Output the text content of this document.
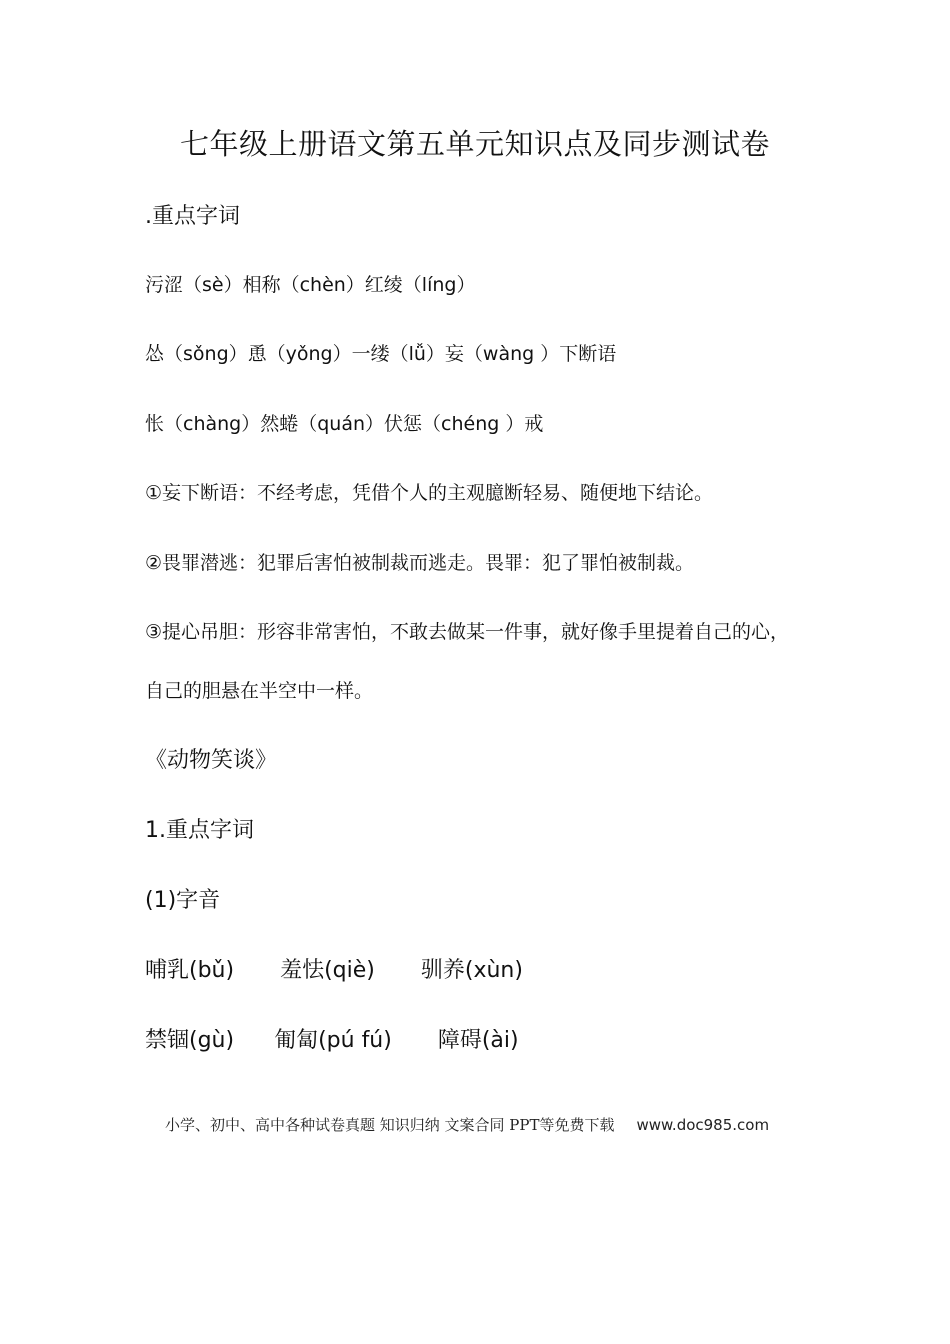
七年级上册语文第五单元知识点及同步测试卷
.重点字词
污涩（sè）相称（chèn）红绫（líng）
怂（sǒng）恿（yǒng）一缕（lǚ）妄（wàng ）下断语
怅（chàng）然蜷（quán）伏惩（chéng ）戒
①妄下断语：不经考虑，凭借个人的主观臆断轻易、随便地下结论。
②畏罪潜逃：犯罪后害怕被制裁而逃走。畏罪：犯了罪怕被制裁。
③提心吊胆：形容非常害怕，不敢去做某一件事，就好像手里提着自己的心，
自己的胆悬在半空中一样。
《动物笑谈》
1.重点字词
(1)字音
哺乳(bǔ) 羞怯(qiè) 驯养(xùn)
禁锢(gù) 匍匐(pú fú) 障碍(ài)
小学、初中、高中各种试卷真题 知识归纳 文案合同 PPT等免费下载 www.doc985.com
